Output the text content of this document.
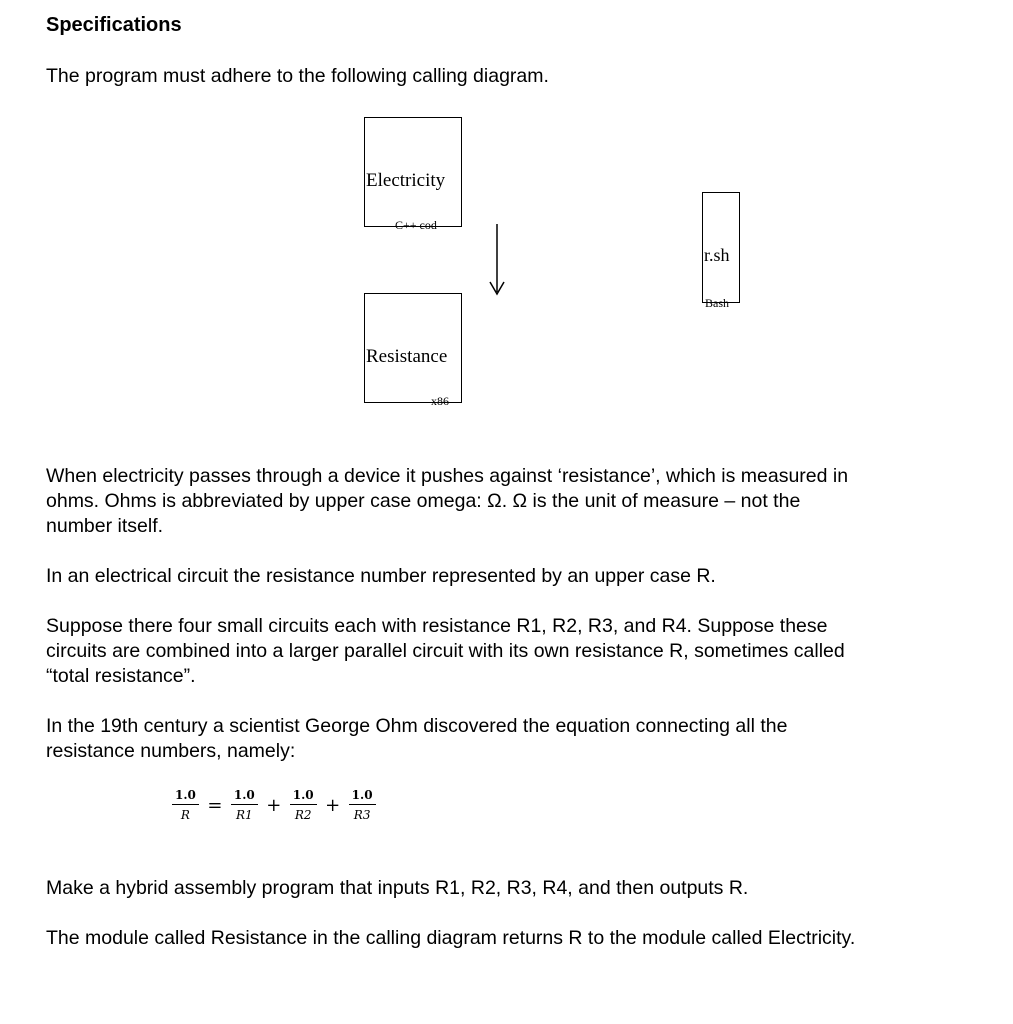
Specifications
The program must adhere to the following calling diagram.
Electricity
C++ cod
Resistance
x86
r.sh
Bash
When electricity passes through a device it pushes against ‘resistance’, which is measured in
ohms. Ohms is abbreviated by upper case omega: Ω. Ω is the unit of measure – not the
number itself.
In an electrical circuit the resistance number represented by an upper case R.
Suppose there four small circuits each with resistance R1, R2, R3, and R4. Suppose these
circuits are combined into a larger parallel circuit with its own resistance R, sometimes called
“total resistance”.
In the 19th century a scientist George Ohm discovered the equation connecting all the
resistance numbers, namely:
$\frac{1.0}{R} = \frac{1.0}{R1} + \frac{1.0}{R2} + \frac{1.0}{R3}$
Make a hybrid assembly program that inputs R1, R2, R3, R4, and then outputs R.
The module called Resistance in the calling diagram returns R to the module called Electricity.
